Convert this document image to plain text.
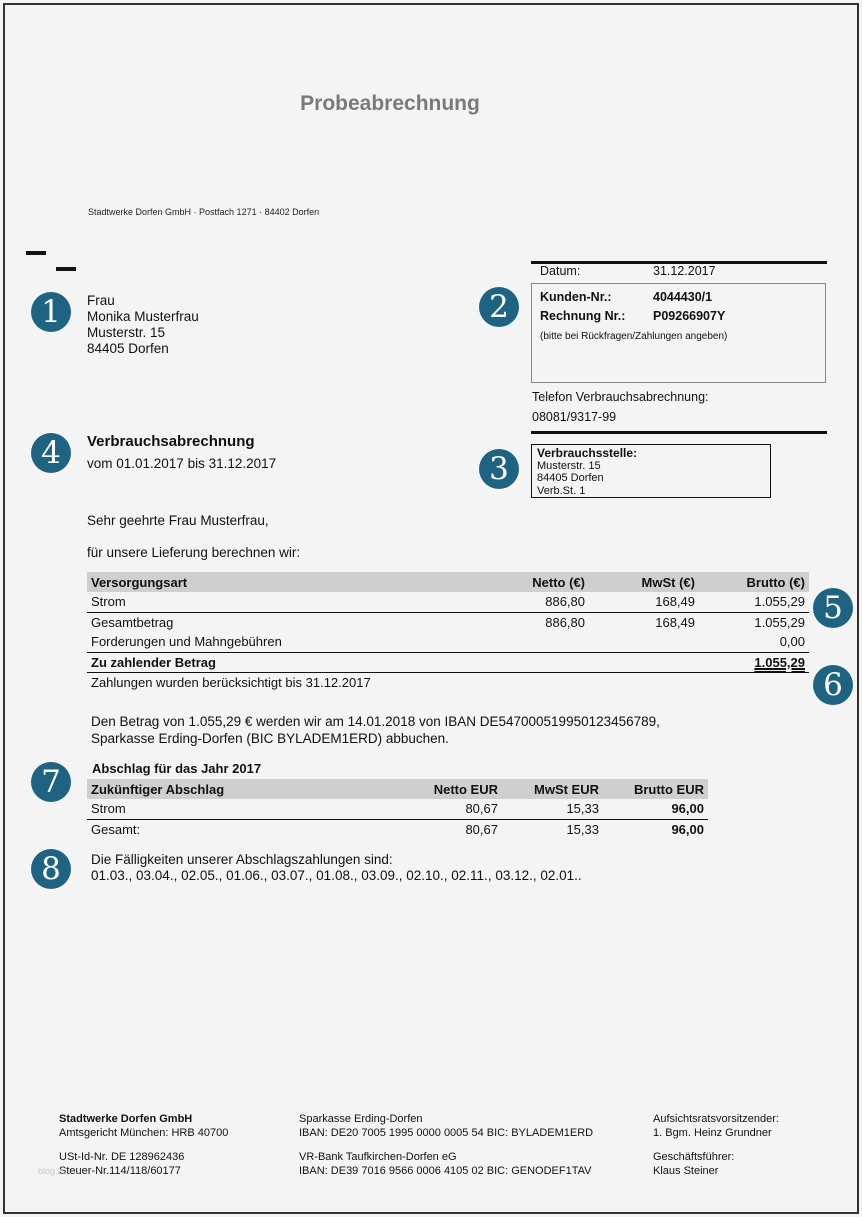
Probeabrechnung
Stadtwerke Dorfen GmbH · Postfach 1271 · 84402 Dorfen
1	2
3
4
5
6
7
8
Frau
Monika Musterfrau
Musterstr. 15
84405 Dorfen
Datum:	31.12.2017
Kunden-Nr.:	4044430/1
Rechnung Nr.: P09266907Y
(bitte bei Rückfragen/Zahlungen angeben)
Telefon Verbrauchsabrechnung:
08081/9317-99
Verbrauchsstelle:
Musterstr. 15
84405 Dorfen
Verb.St. 1
Verbrauchsabrechnung
vom 01.01.2017 bis 31.12.2017
Sehr geehrte Frau Musterfrau,
für unsere Lieferung berechnen wir:
Versorgungsart	Netto (€)	MwSt (€)	Brutto (€)
Strom	886,80	168,49	1.055,29
Gesamtbetrag	886,80	168,49	1.055,29
Forderungen und Mahngebühren			0,00
Zu zahlender Betrag			1.055,29
Zahlungen wurden berücksichtigt bis 31.12.2017			
Den Betrag von 1.055,29 € werden wir am 14.01.2018 von IBAN DE547000519950123456789,
Sparkasse Erding-Dorfen (BIC BYLADEM1ERD) abbuchen.
Abschlag für das Jahr 2017
Zukünftiger Abschlag	Netto EUR	MwSt EUR	Brutto EUR
Strom	80,67	15,33	96,00
Gesamt:	80,67	15,33	96,00
Die Fälligkeiten unserer Abschlagszahlungen sind:
01.03., 03.04., 02.05., 01.06., 03.07., 01.08., 03.09., 02.10., 02.11., 03.12., 02.01..
Stadtwerke Dorfen GmbH
Amtsgericht München: HRB 40700
USt-Id-Nr. DE 128962436
Steuer-Nr.114/118/60177
Sparkasse Erding-Dorfen
IBAN: DE20 7005 1995 0000 0005 54 BIC: BYLADEM1ERD
VR-Bank Taufkirchen-Dorfen eG
IBAN: DE39 7016 9566 0006 4105 02 BIC: GENODEF1TAV
Aufsichtsratsvorsitzender:
1. Bgm. Heinz Grundner
Geschäftsführer:
Klaus Steiner
blog.zu
